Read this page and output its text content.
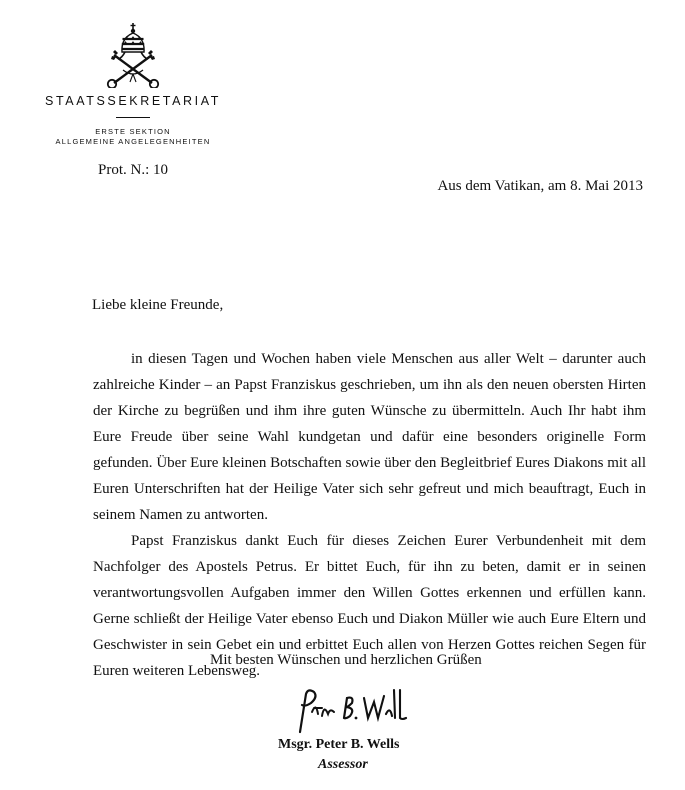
STAATSSEKRETARIAT
ERSTE SEKTION
ALLGEMEINE ANGELEGENHEITEN
Prot. N.: 10
Aus dem Vatikan, am 8. Mai 2013
Liebe kleine Freunde,

in diesen Tagen und Wochen haben viele Menschen aus aller Welt – darunter auch zahlreiche Kinder – an Papst Franziskus geschrieben, um ihn als den neuen obersten Hirten der Kirche zu begrüßen und ihm ihre guten Wünsche zu übermitteln. Auch Ihr habt ihm Eure Freude über seine Wahl kundgetan und dafür eine besonders originelle Form gefunden. Über Eure kleinen Botschaften sowie über den Begleitbrief Eures Diakons mit all Euren Unterschriften hat der Heilige Vater sich sehr gefreut und mich beauftragt, Euch in seinem Namen zu antworten.

Papst Franziskus dankt Euch für dieses Zeichen Eurer Verbundenheit mit dem Nachfolger des Apostels Petrus. Er bittet Euch, für ihn zu beten, damit er in seinen verantwortungsvollen Aufgaben immer den Willen Gottes erkennen und erfüllen kann. Gerne schließt der Heilige Vater ebenso Euch und Diakon Müller wie auch Eure Eltern und Geschwister in sein Gebet ein und erbittet Euch allen von Herzen Gottes reichen Segen für Euren weiteren Lebensweg.

Mit besten Wünschen und herzlichen Grüßen
Msgr. Peter B. Wells
Assessor
